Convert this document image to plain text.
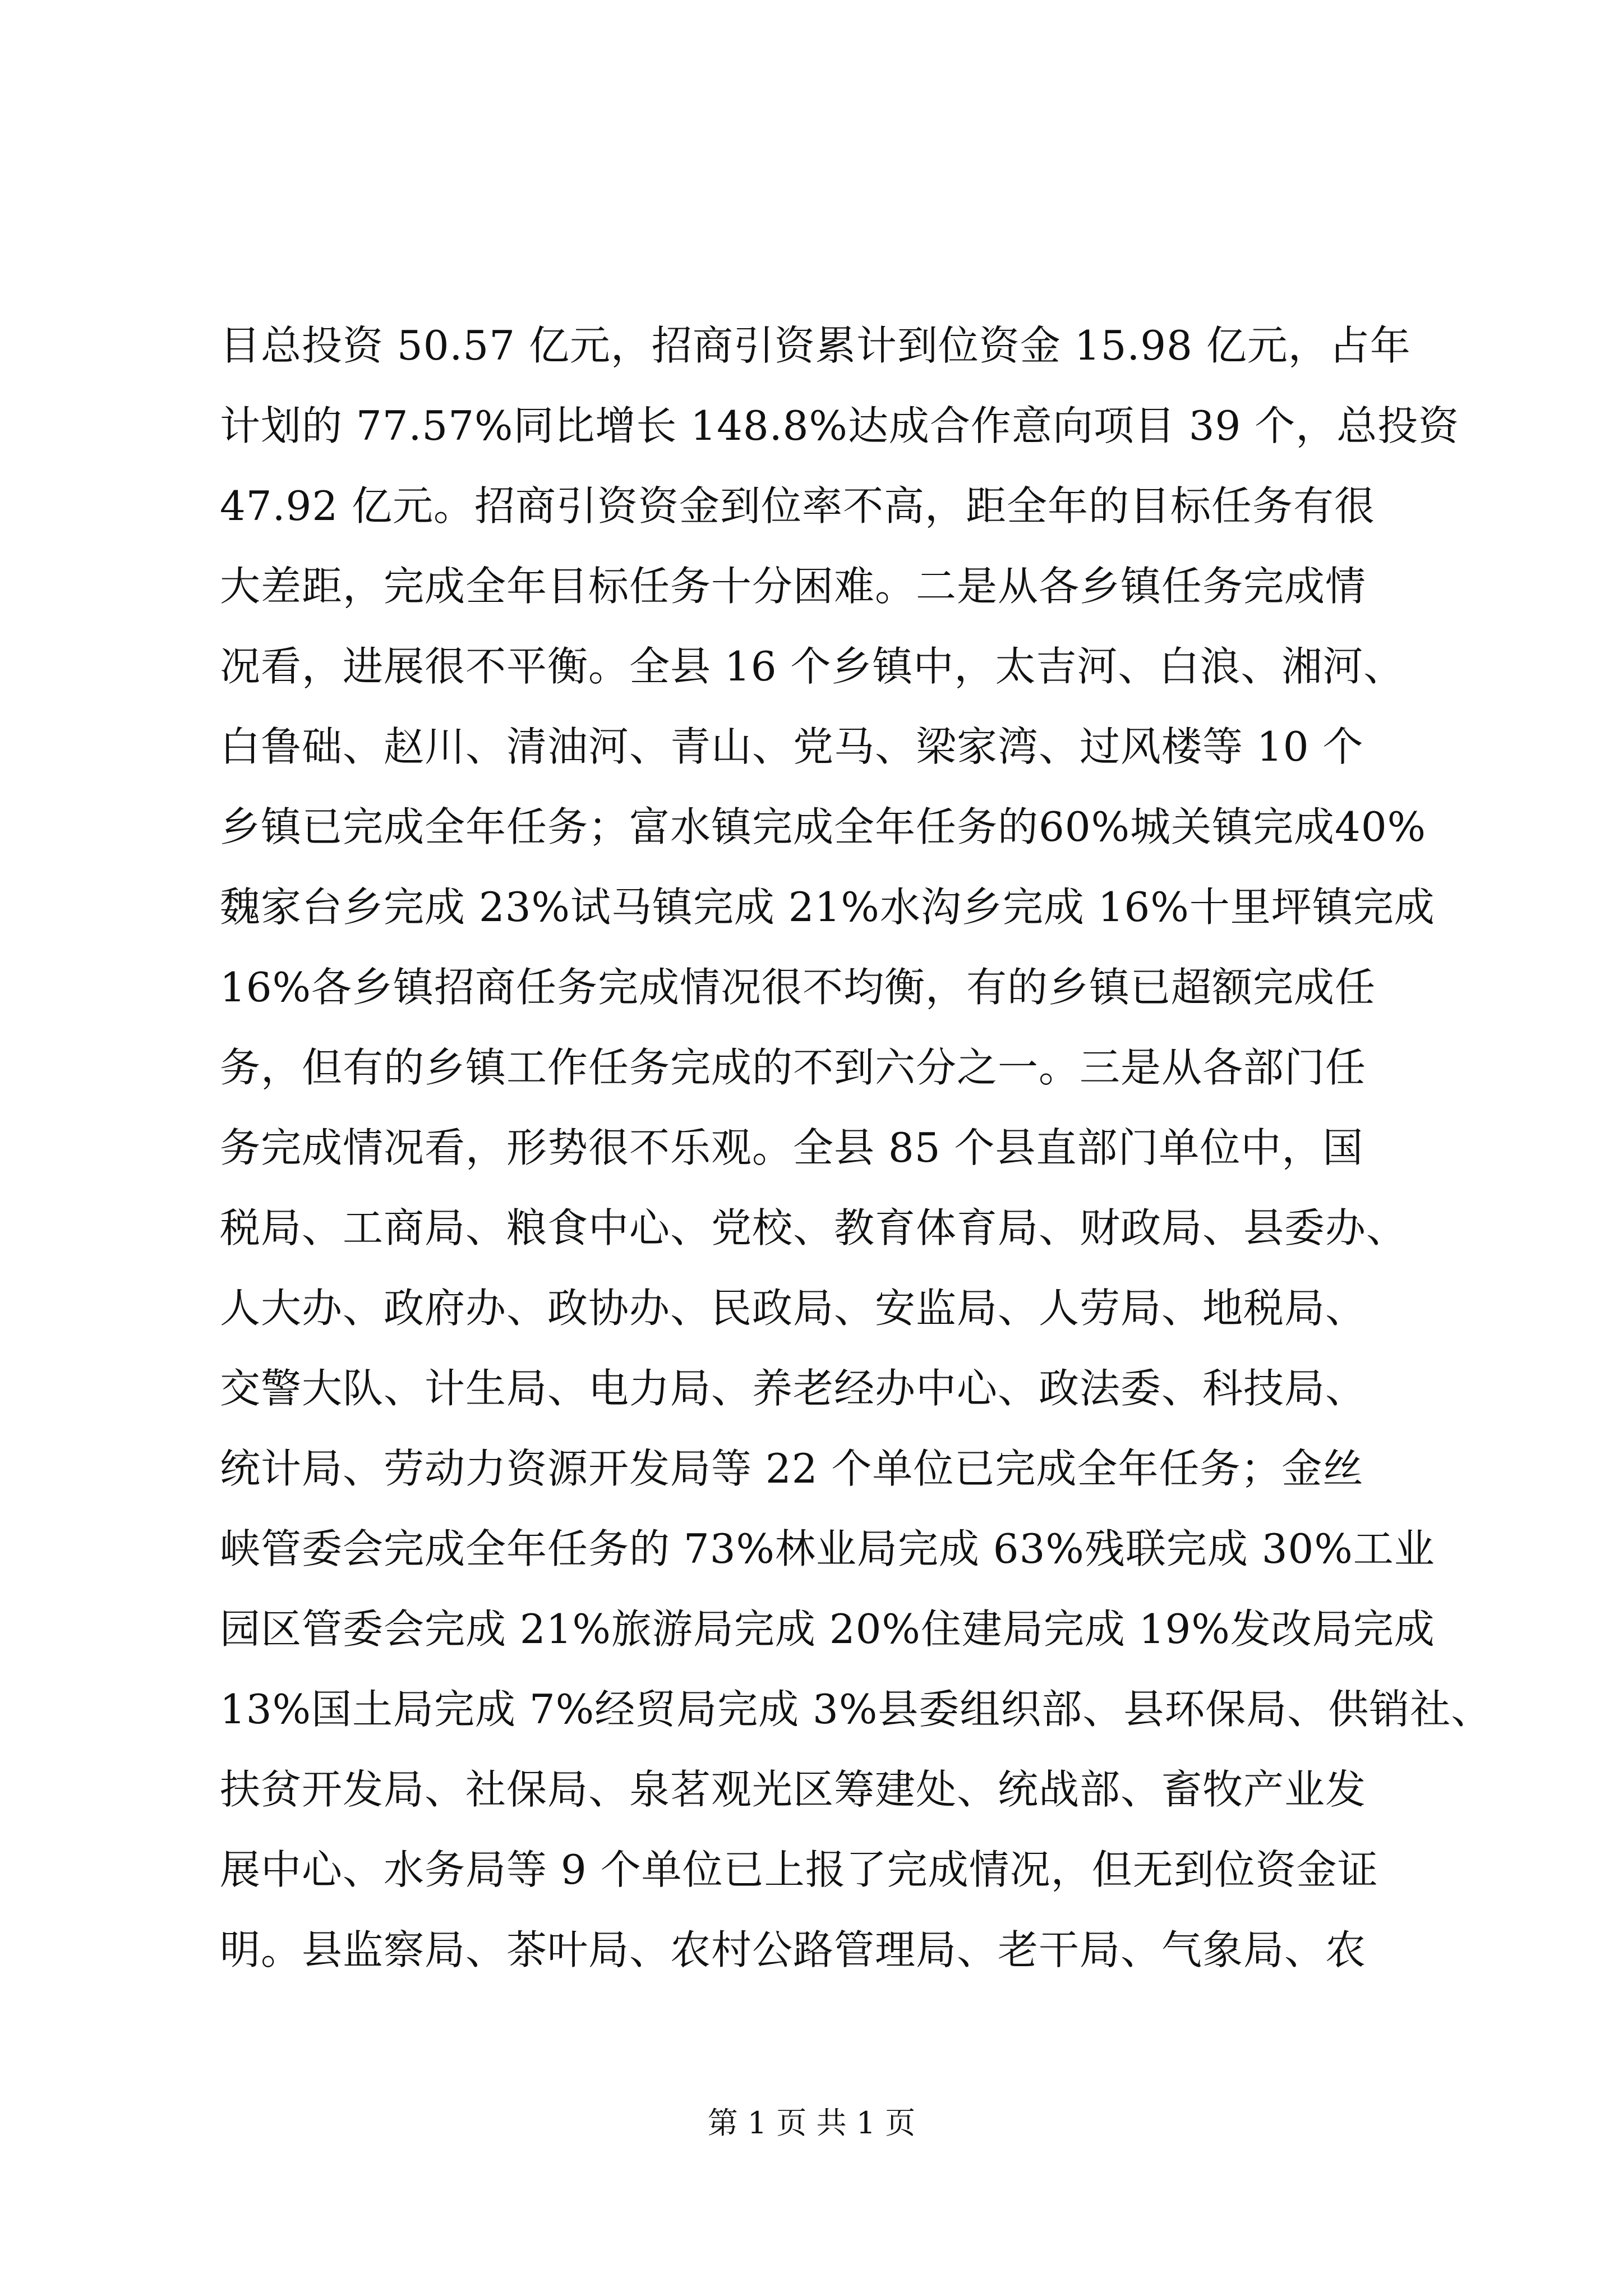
目总投资 50.57 亿元，招商引资累计到位资金 15.98 亿元，占年
计划的 77.57%同比增长 148.8%达成合作意向项目 39 个，总投资
47.92 亿元。招商引资资金到位率不高，距全年的目标任务有很
大差距，完成全年目标任务十分困难。二是从各乡镇任务完成情
况看，进展很不平衡。全县 16 个乡镇中，太吉河、白浪、湘河、
白鲁础、赵川、清油河、青山、党马、梁家湾、过风楼等 10 个
乡镇已完成全年任务；富水镇完成全年任务的60%城关镇完成40%
魏家台乡完成 23%试马镇完成 21%水沟乡完成 16%十里坪镇完成
16%各乡镇招商任务完成情况很不均衡，有的乡镇已超额完成任
务，但有的乡镇工作任务完成的不到六分之一。三是从各部门任
务完成情况看，形势很不乐观。全县 85 个县直部门单位中，国
税局、工商局、粮食中心、党校、教育体育局、财政局、县委办、
人大办、政府办、政协办、民政局、安监局、人劳局、地税局、
交警大队、计生局、电力局、养老经办中心、政法委、科技局、
统计局、劳动力资源开发局等 22 个单位已完成全年任务；金丝
峡管委会完成全年任务的 73%林业局完成 63%残联完成 30%工业
园区管委会完成 21%旅游局完成 20%住建局完成 19%发改局完成
13%国土局完成 7%经贸局完成 3%县委组织部、县环保局、供销社、
扶贫开发局、社保局、泉茗观光区筹建处、统战部、畜牧产业发
展中心、水务局等 9 个单位已上报了完成情况，但无到位资金证
明。县监察局、茶叶局、农村公路管理局、老干局、气象局、农
第 1 页 共 1 页
